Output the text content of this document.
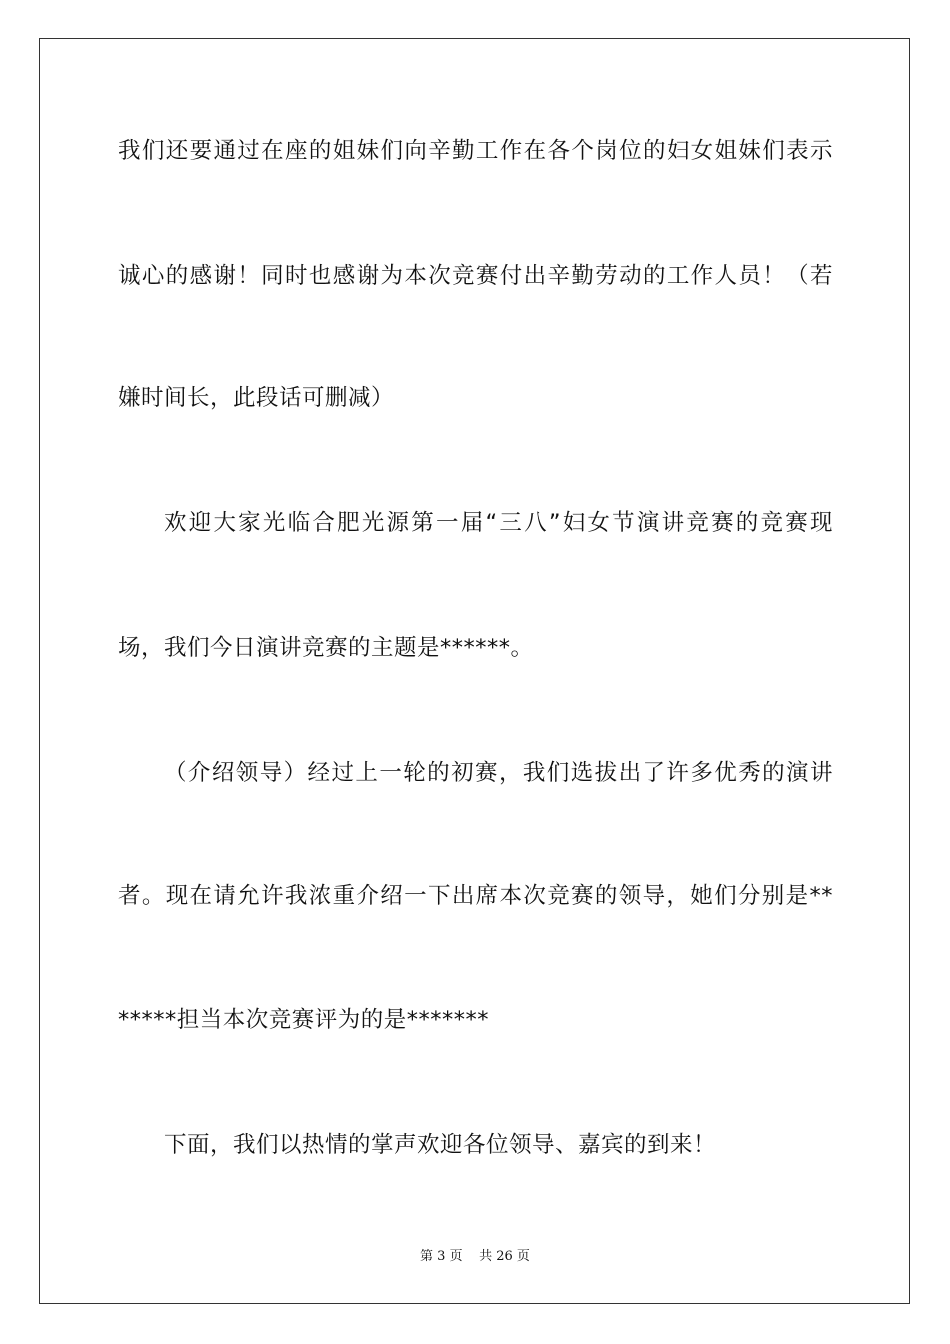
我们还要通过在座的姐妹们向辛勤工作在各个岗位的妇女姐妹们表示
诚心的感谢！同时也感谢为本次竞赛付出辛勤劳动的工作人员！（若
嫌时间长，此段话可删减）
欢迎大家光临合肥光源第一届“三八”妇女节演讲竞赛的竞赛现
场，我们今日演讲竞赛的主题是******。
（介绍领导）经过上一轮的初赛，我们选拔出了许多优秀的演讲
者。现在请允许我浓重介绍一下出席本次竞赛的领导，她们分别是**
*****担当本次竞赛评为的是*******
下面，我们以热情的掌声欢迎各位领导、嘉宾的到来！
第 3 页 共 26 页
